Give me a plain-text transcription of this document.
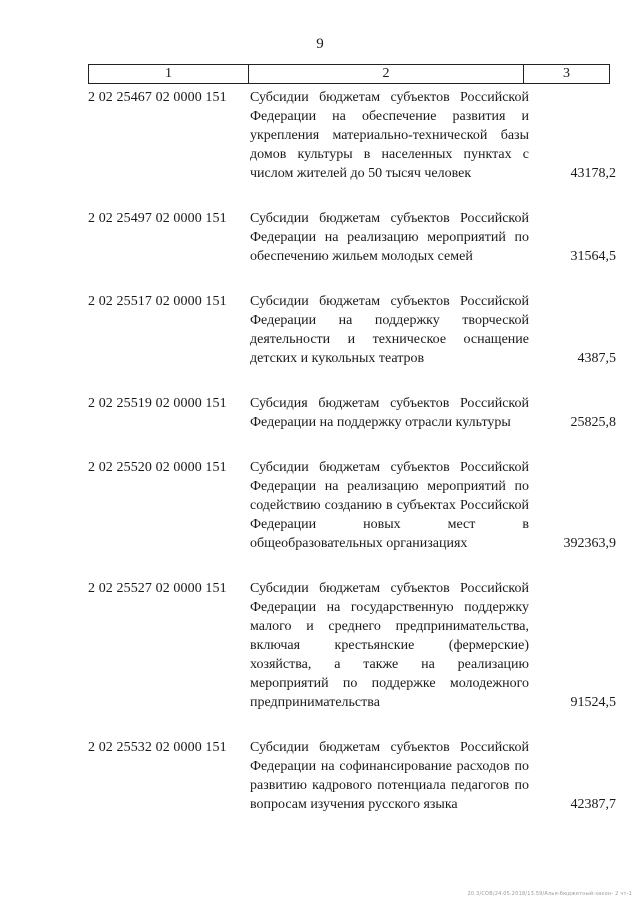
9
1	2	3
2 02 25467 02 0000 151	Субсидии бюджетам субъектов Российской Федерации на обеспечение развития и укрепления материально-технической базы домов культуры в населенных пунктах с числом жителей до 50 тысяч человек	43178,2
2 02 25497 02 0000 151	Субсидии бюджетам субъектов Российской Федерации на реализацию мероприятий по обеспечению жильем молодых семей	31564,5
2 02 25517 02 0000 151	Субсидии бюджетам субъектов Российской Федерации на поддержку творческой деятельности и техническое оснащение детских и кукольных театров	4387,5
2 02 25519 02 0000 151	Субсидия бюджетам субъектов Российской Федерации на поддержку отрасли культуры	25825,8
2 02 25520 02 0000 151	Субсидии бюджетам субъектов Российской Федерации на реализацию мероприятий по содействию созданию в субъектах Российской Федерации новых мест в общеобразовательных организациях	392363,9
2 02 25527 02 0000 151	Субсидии бюджетам субъектов Российской Федерации на государственную поддержку малого и среднего предпринимательства, включая крестьянские (фермерские) хозяйства, а также на реализацию мероприятий по поддержке молодежного предпринимательства	91524,5
2 02 25532 02 0000 151	Субсидии бюджетам субъектов Российской Федерации на софинансирование расходов по развитию кадрового потенциала педагогов по вопросам изучения русского языка	42387,7
20.3/СОВ/24.05.2018/13.59/Алья-бюджетный-закон- 2 чт-1
